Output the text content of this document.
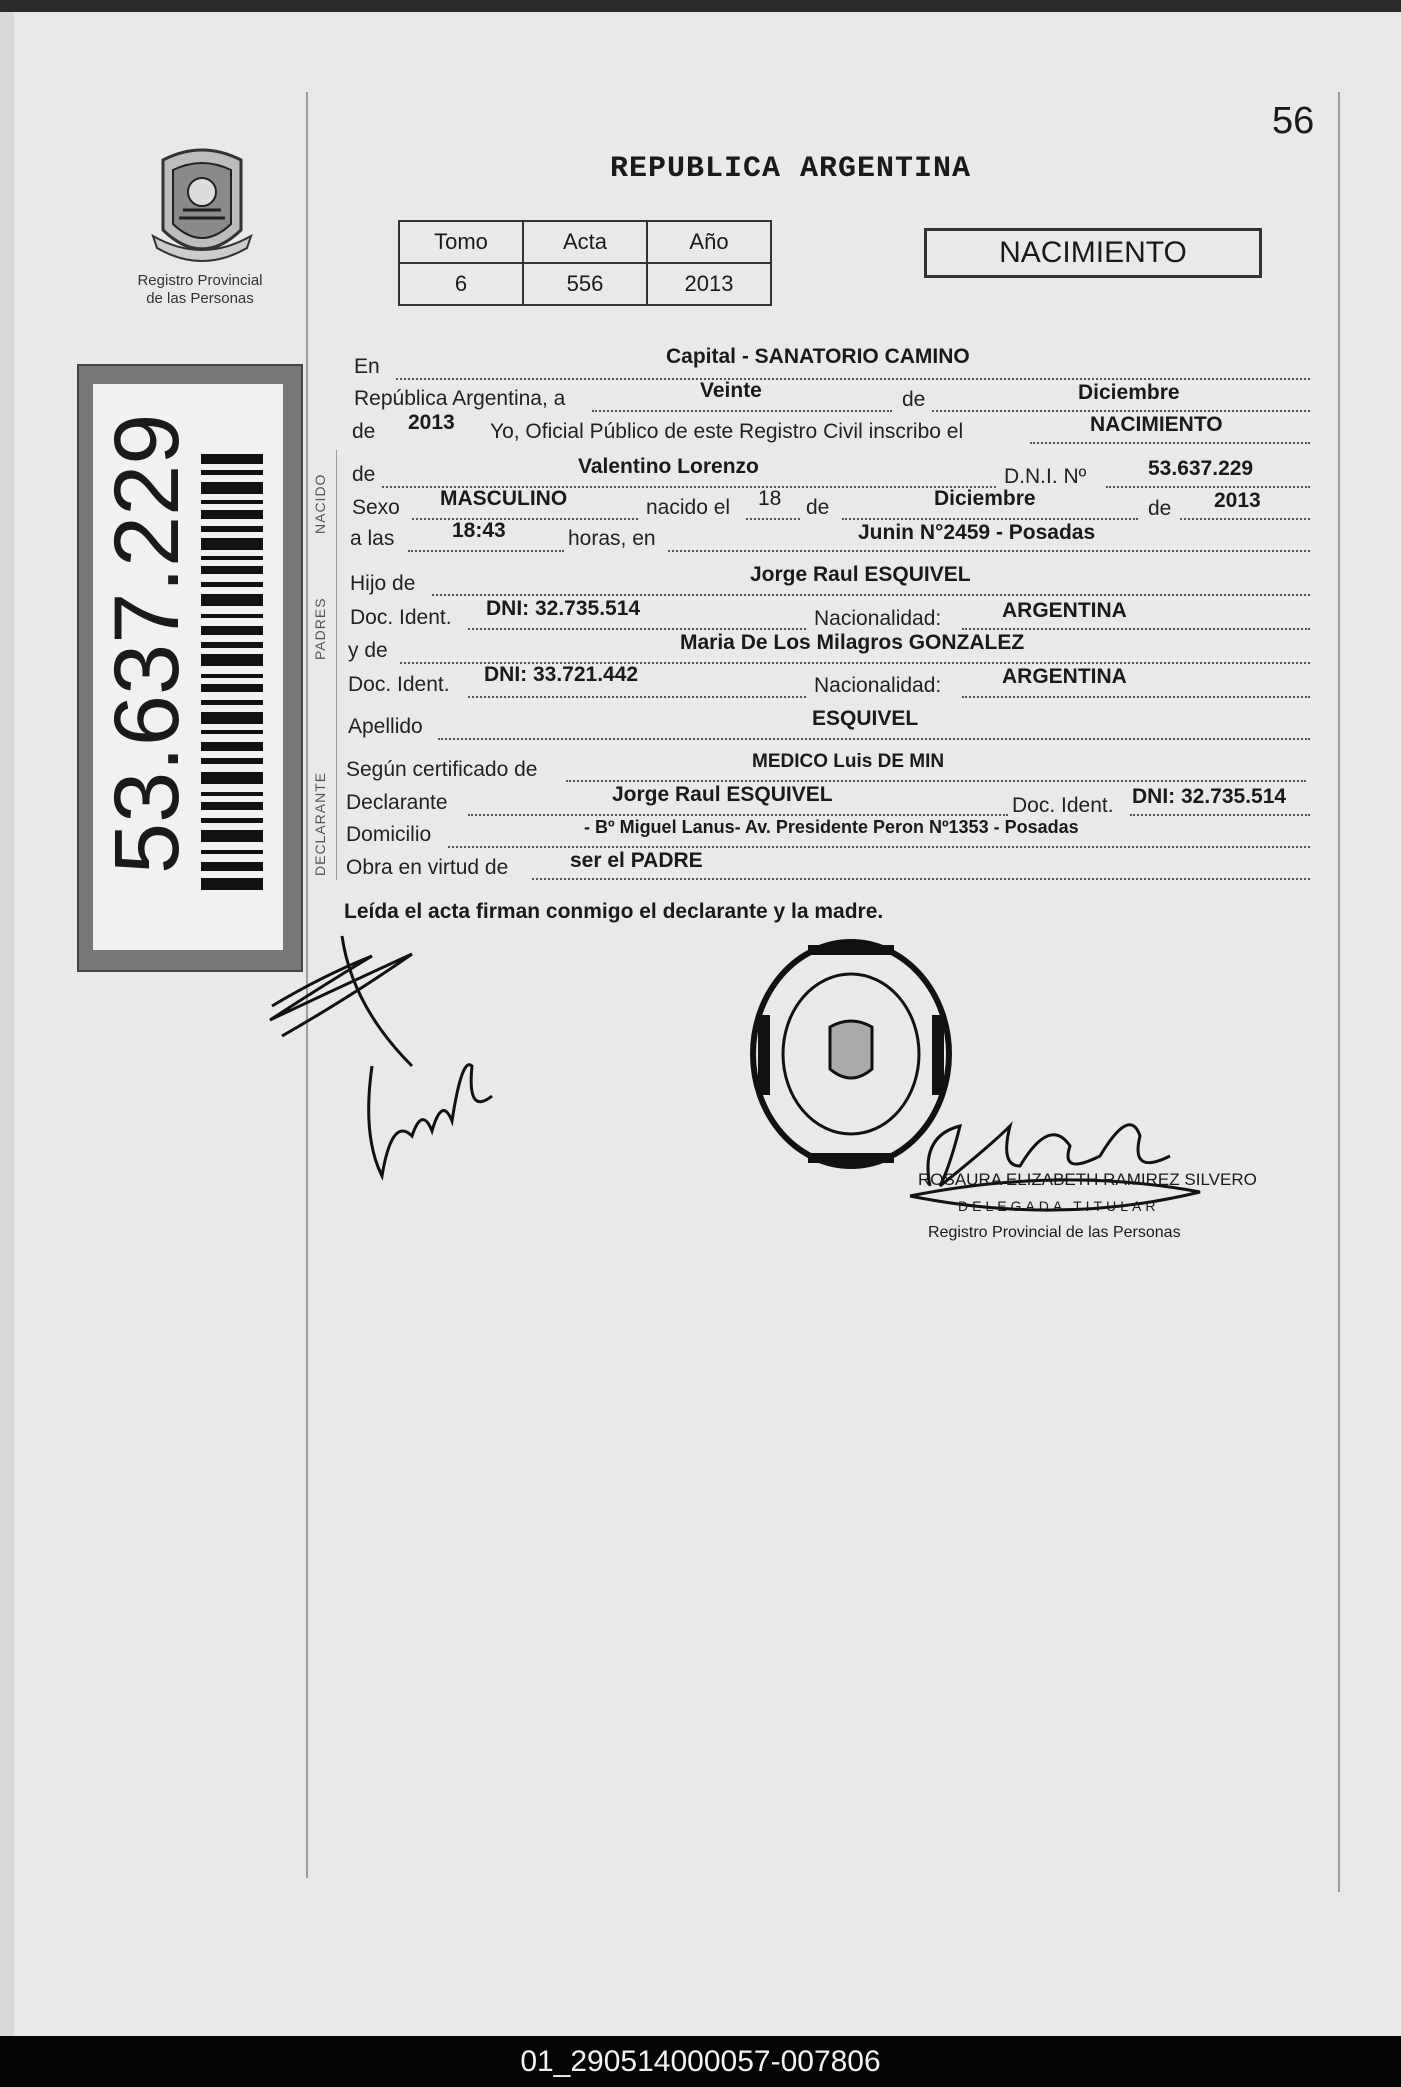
56
REPUBLICA ARGENTINA
Tomo	Acta	Año
6	556	2013
NACIMIENTO
Registro Provincial
de las Personas
53.637.229	NACIDO
PADRES
DECLARANTE
En	Capital - SANATORIO CAMINO
República Argentina, a	Veinte	de	Diciembre
de 2013 Yo, Oficial Público de este Registro Civil inscribo el	NACIMIENTO
de	Valentino Lorenzo	D.N.I. Nº	53.637.229
Sexo MASCULINO	nacido el 18 de	Diciembre	de 2013
a las	18:43	horas, en	Junin N°2459 - Posadas
Hijo de	Jorge Raul ESQUIVEL
Doc. Ident. DNI: 32.735.514	Nacionalidad:	ARGENTINA
y de	Maria De Los Milagros GONZALEZ
Doc. Ident. DNI: 33.721.442	Nacionalidad:	ARGENTINA
Apellido	ESQUIVEL
Según certificado de	MEDICO Luis DE MIN
Declarante	Jorge Raul ESQUIVEL	Doc. Ident. DNI: 32.735.514
Domicilio	- Bº Miguel Lanus- Av. Presidente Peron Nº1353 - Posadas
Obra en virtud de	ser el PADRE
Leída el acta firman conmigo el declarante y la madre.
ROSAURA ELIZABETH RAMIREZ SILVERO
DELEGADA TITULAR
Registro Provincial de las Personas
01_290514000057-007806
